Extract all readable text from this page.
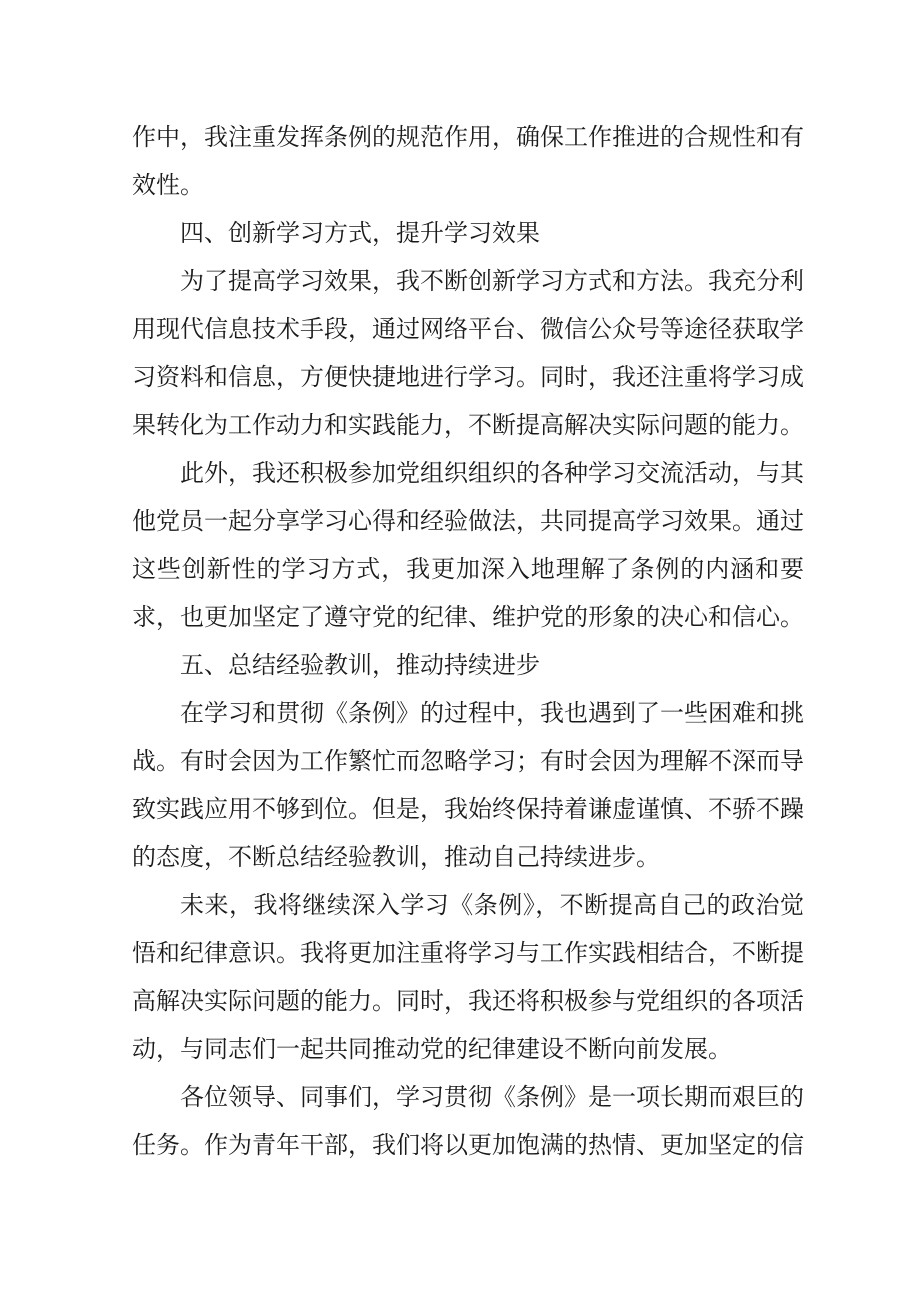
作中，我注重发挥条例的规范作用，确保工作推进的合规性和有效性。

四、创新学习方式，提升学习效果

为了提高学习效果，我不断创新学习方式和方法。我充分利用现代信息技术手段，通过网络平台、微信公众号等途径获取学习资料和信息，方便快捷地进行学习。同时，我还注重将学习成果转化为工作动力和实践能力，不断提高解决实际问题的能力。

此外，我还积极参加党组织组织的各种学习交流活动，与其他党员一起分享学习心得和经验做法，共同提高学习效果。通过这些创新性的学习方式，我更加深入地理解了条例的内涵和要求，也更加坚定了遵守党的纪律、维护党的形象的决心和信心。

五、总结经验教训，推动持续进步

在学习和贯彻《条例》的过程中，我也遇到了一些困难和挑战。有时会因为工作繁忙而忽略学习；有时会因为理解不深而导致实践应用不够到位。但是，我始终保持着谦虚谨慎、不骄不躁的态度，不断总结经验教训，推动自己持续进步。

未来，我将继续深入学习《条例》，不断提高自己的政治觉悟和纪律意识。我将更加注重将学习与工作实践相结合，不断提高解决实际问题的能力。同时，我还将积极参与党组织的各项活动，与同志们一起共同推动党的纪律建设不断向前发展。

各位领导、同事们，学习贯彻《条例》是一项长期而艰巨的任务。作为青年干部，我们将以更加饱满的热情、更加坚定的信
